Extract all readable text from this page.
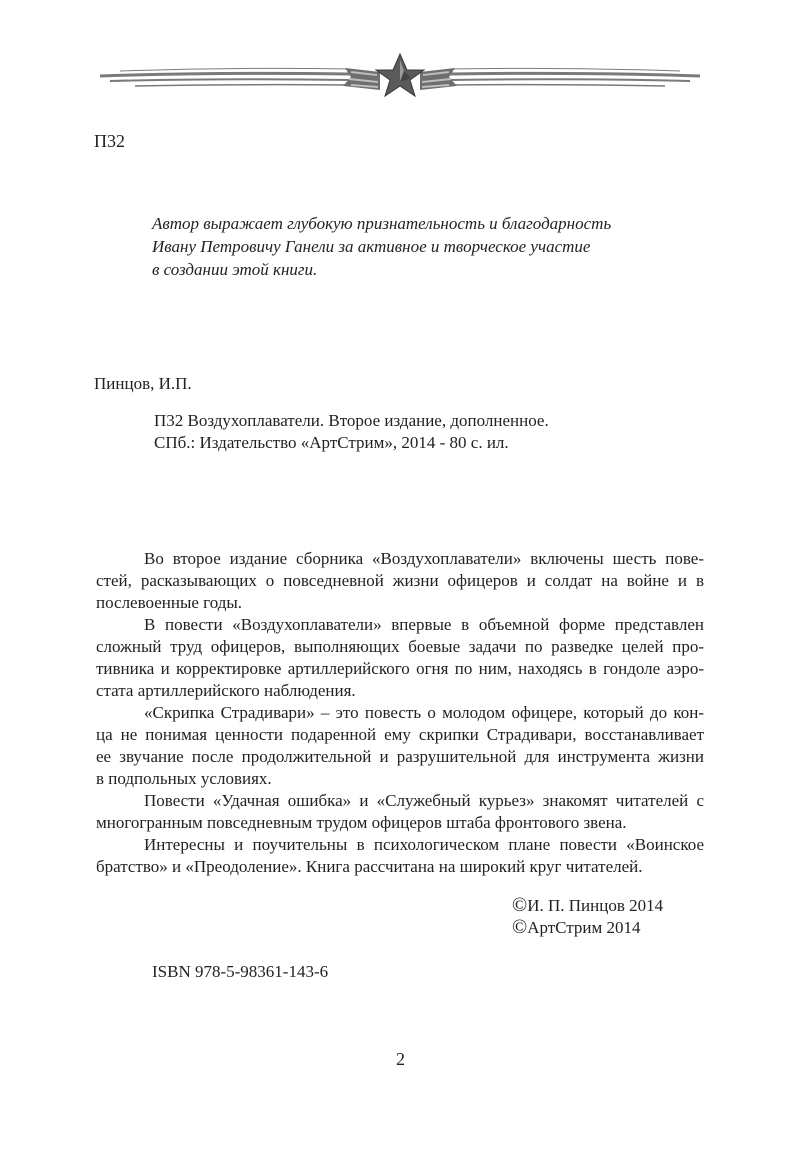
П32
Автор выражает глубокую признательность и благодарность
Ивану Петровичу Ганели за активное и творческое участие
в создании этой книги.
Пинцов, И.П.
П32 Воздухоплаватели. Второе издание, дополненное.
СПб.: Издательство «АртСтрим», 2014 - 80 с. ил.

Во второе издание сборника «Воздухоплаватели» включены шесть пове-

стей, расказывающих о повседневной жизни офицеров и солдат на войне и в

послевоенные годы.

В повести «Воздухоплаватели» впервые в объемной форме представлен

сложный труд офицеров, выполняющих боевые задачи по разведке целей про-

тивника и корректировке артиллерийского огня по ним, находясь в гондоле аэро-

стата артиллерийского наблюдения.

«Скрипка Страдивари» – это повесть о молодом офицере, который до кон-

ца не понимая ценности подаренной ему скрипки Страдивари, восстанавливает

ее звучание после продолжительной и разрушительной для инструмента жизни

в подпольных условиях.

Повести «Удачная ошибка» и «Служебный курьез» знакомят читателей с

многогранным повседневным трудом офицеров штаба фронтового звена.

Интересны и поучительны в психологическом плане повести «Воинское

братство» и «Преодоление». Книга рассчитана на широкий круг читателей.

©И. П. Пинцов 2014
©АртСтрим 2014
ISBN 978-5-98361-143-6
2
